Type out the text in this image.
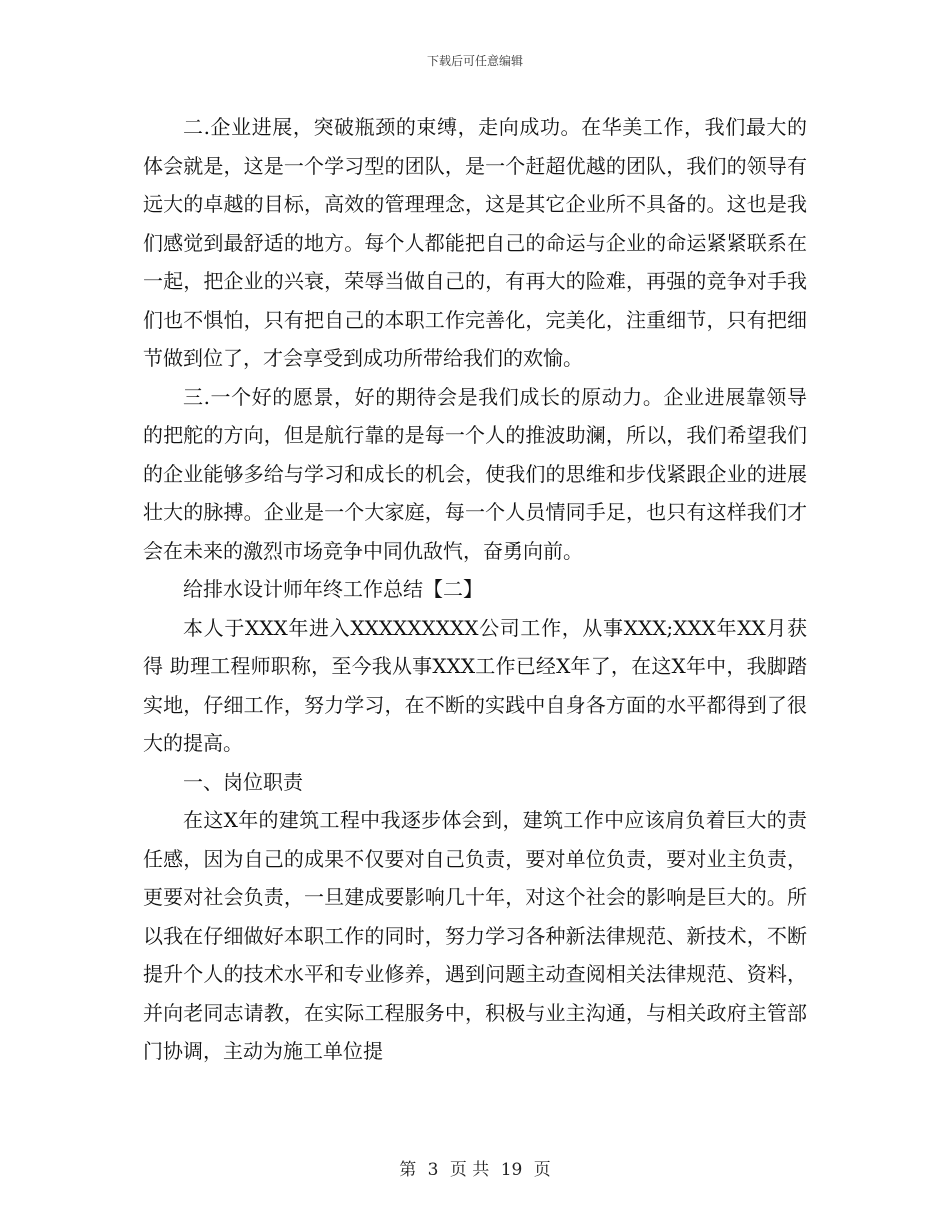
下载后可任意编辑

二.企业进展，突破瓶颈的束缚，走向成功。在华美工作，我们最大的体会就是，这是一个学习型的团队，是一个赶超优越的团队，我们的领导有远大的卓越的目标，高效的管理理念，这是其它企业所不具备的。这也是我们感觉到最舒适的地方。每个人都能把自己的命运与企业的命运紧紧联系在一起，把企业的兴衰，荣辱当做自己的，有再大的险难，再强的竞争对手我们也不惧怕，只有把自己的本职工作完善化，完美化，注重细节，只有把细节做到位了，才会享受到成功所带给我们的欢愉。

三.一个好的愿景，好的期待会是我们成长的原动力。企业进展靠领导的把舵的方向，但是航行靠的是每一个人的推波助澜，所以，我们希望我们的企业能够多给与学习和成长的机会，使我们的思维和步伐紧跟企业的进展壮大的脉搏。企业是一个大家庭，每一个人员情同手足，也只有这样我们才会在未来的激烈市场竞争中同仇敌忾，奋勇向前。

给排水设计师年终工作总结【二】

本人于XXX年进入XXXXXXXXX公司工作，从事XXX;XXX年XX月获得 助理工程师职称，至今我从事XXX工作已经X年了，在这X年中，我脚踏实地，仔细工作，努力学习，在不断的实践中自身各方面的水平都得到了很大的提高。

一、岗位职责

在这X年的建筑工程中我逐步体会到，建筑工作中应该肩负着巨大的责任感，因为自己的成果不仅要对自己负责，要对单位负责，要对业主负责，更要对社会负责，一旦建成要影响几十年，对这个社会的影响是巨大的。所以我在仔细做好本职工作的同时，努力学习各种新法律规范、新技术，不断提升个人的技术水平和专业修养，遇到问题主动查阅相关法律规范、资料，并向老同志请教，在实际工程服务中，积极与业主沟通，与相关政府主管部门协调，主动为施工单位提

第 3 页 共 19 页
